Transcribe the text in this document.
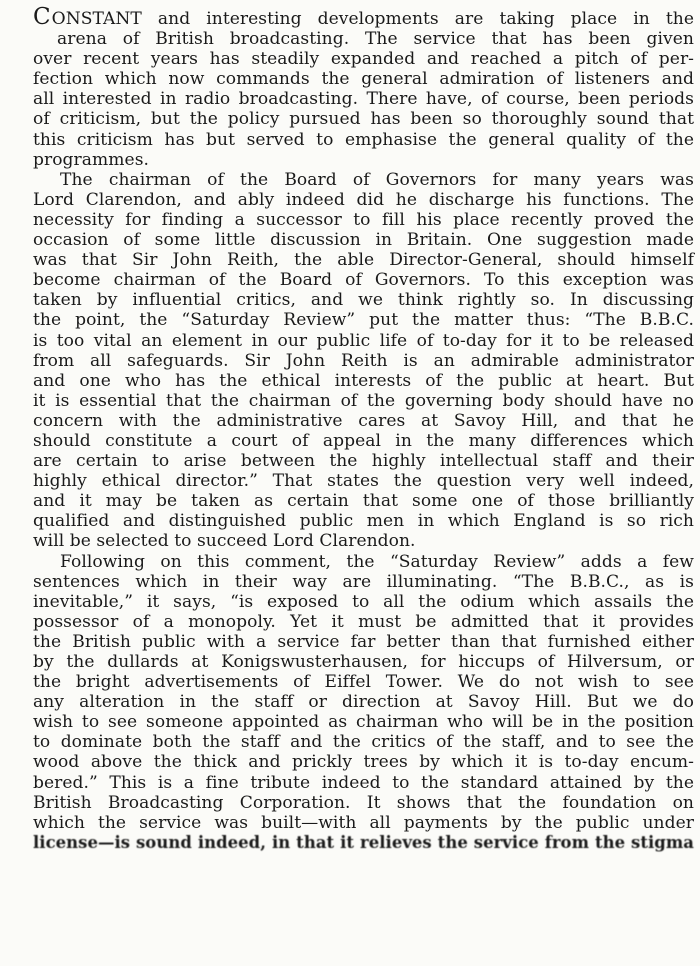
CONSTANT and interesting developments are taking place in the
arena of British broadcasting. The service that has been given
over recent years has steadily expanded and reached a pitch of per-
fection which now commands the general admiration of listeners and
all interested in radio broadcasting. There have, of course, been periods
of criticism, but the policy pursued has been so thoroughly sound that
this criticism has but served to emphasise the general quality of the
programmes.

The chairman of the Board of Governors for many years was
Lord Clarendon, and ably indeed did he discharge his functions. The
necessity for finding a successor to fill his place recently proved the
occasion of some little discussion in Britain. One suggestion made
was that Sir John Reith, the able Director-General, should himself
become chairman of the Board of Governors. To this exception was
taken by influential critics, and we think rightly so. In discussing
the point, the “Saturday Review” put the matter thus: “The B.B.C.
is too vital an element in our public life of to-day for it to be released
from all safeguards. Sir John Reith is an admirable administrator
and one who has the ethical interests of the public at heart. But
it is essential that the chairman of the governing body should have no
concern with the administrative cares at Savoy Hill, and that he
should constitute a court of appeal in the many differences which
are certain to arise between the highly intellectual staff and their
highly ethical director.” That states the question very well indeed,
and it may be taken as certain that some one of those brilliantly
qualified and distinguished public men in which England is so rich
will be selected to succeed Lord Clarendon.

Following on this comment, the “Saturday Review” adds a few
sentences which in their way are illuminating. “The B.B.C., as is
inevitable,” it says, “is exposed to all the odium which assails the
possessor of a monopoly. Yet it must be admitted that it provides
the British public with a service far better than that furnished either
by the dullards at Konigswusterhausen, for hiccups of Hilversum, or
the bright advertisements of Eiffel Tower. We do not wish to see
any alteration in the staff or direction at Savoy Hill. But we do
wish to see someone appointed as chairman who will be in the position
to dominate both the staff and the critics of the staff, and to see the
wood above the thick and prickly trees by which it is to-day encum-
bered.” This is a fine tribute indeed to the standard attained by the
British Broadcasting Corporation. It shows that the foundation on
which the service was built—with all payments by the public under
license—is sound indeed, in that it relieves the service from the stigma
